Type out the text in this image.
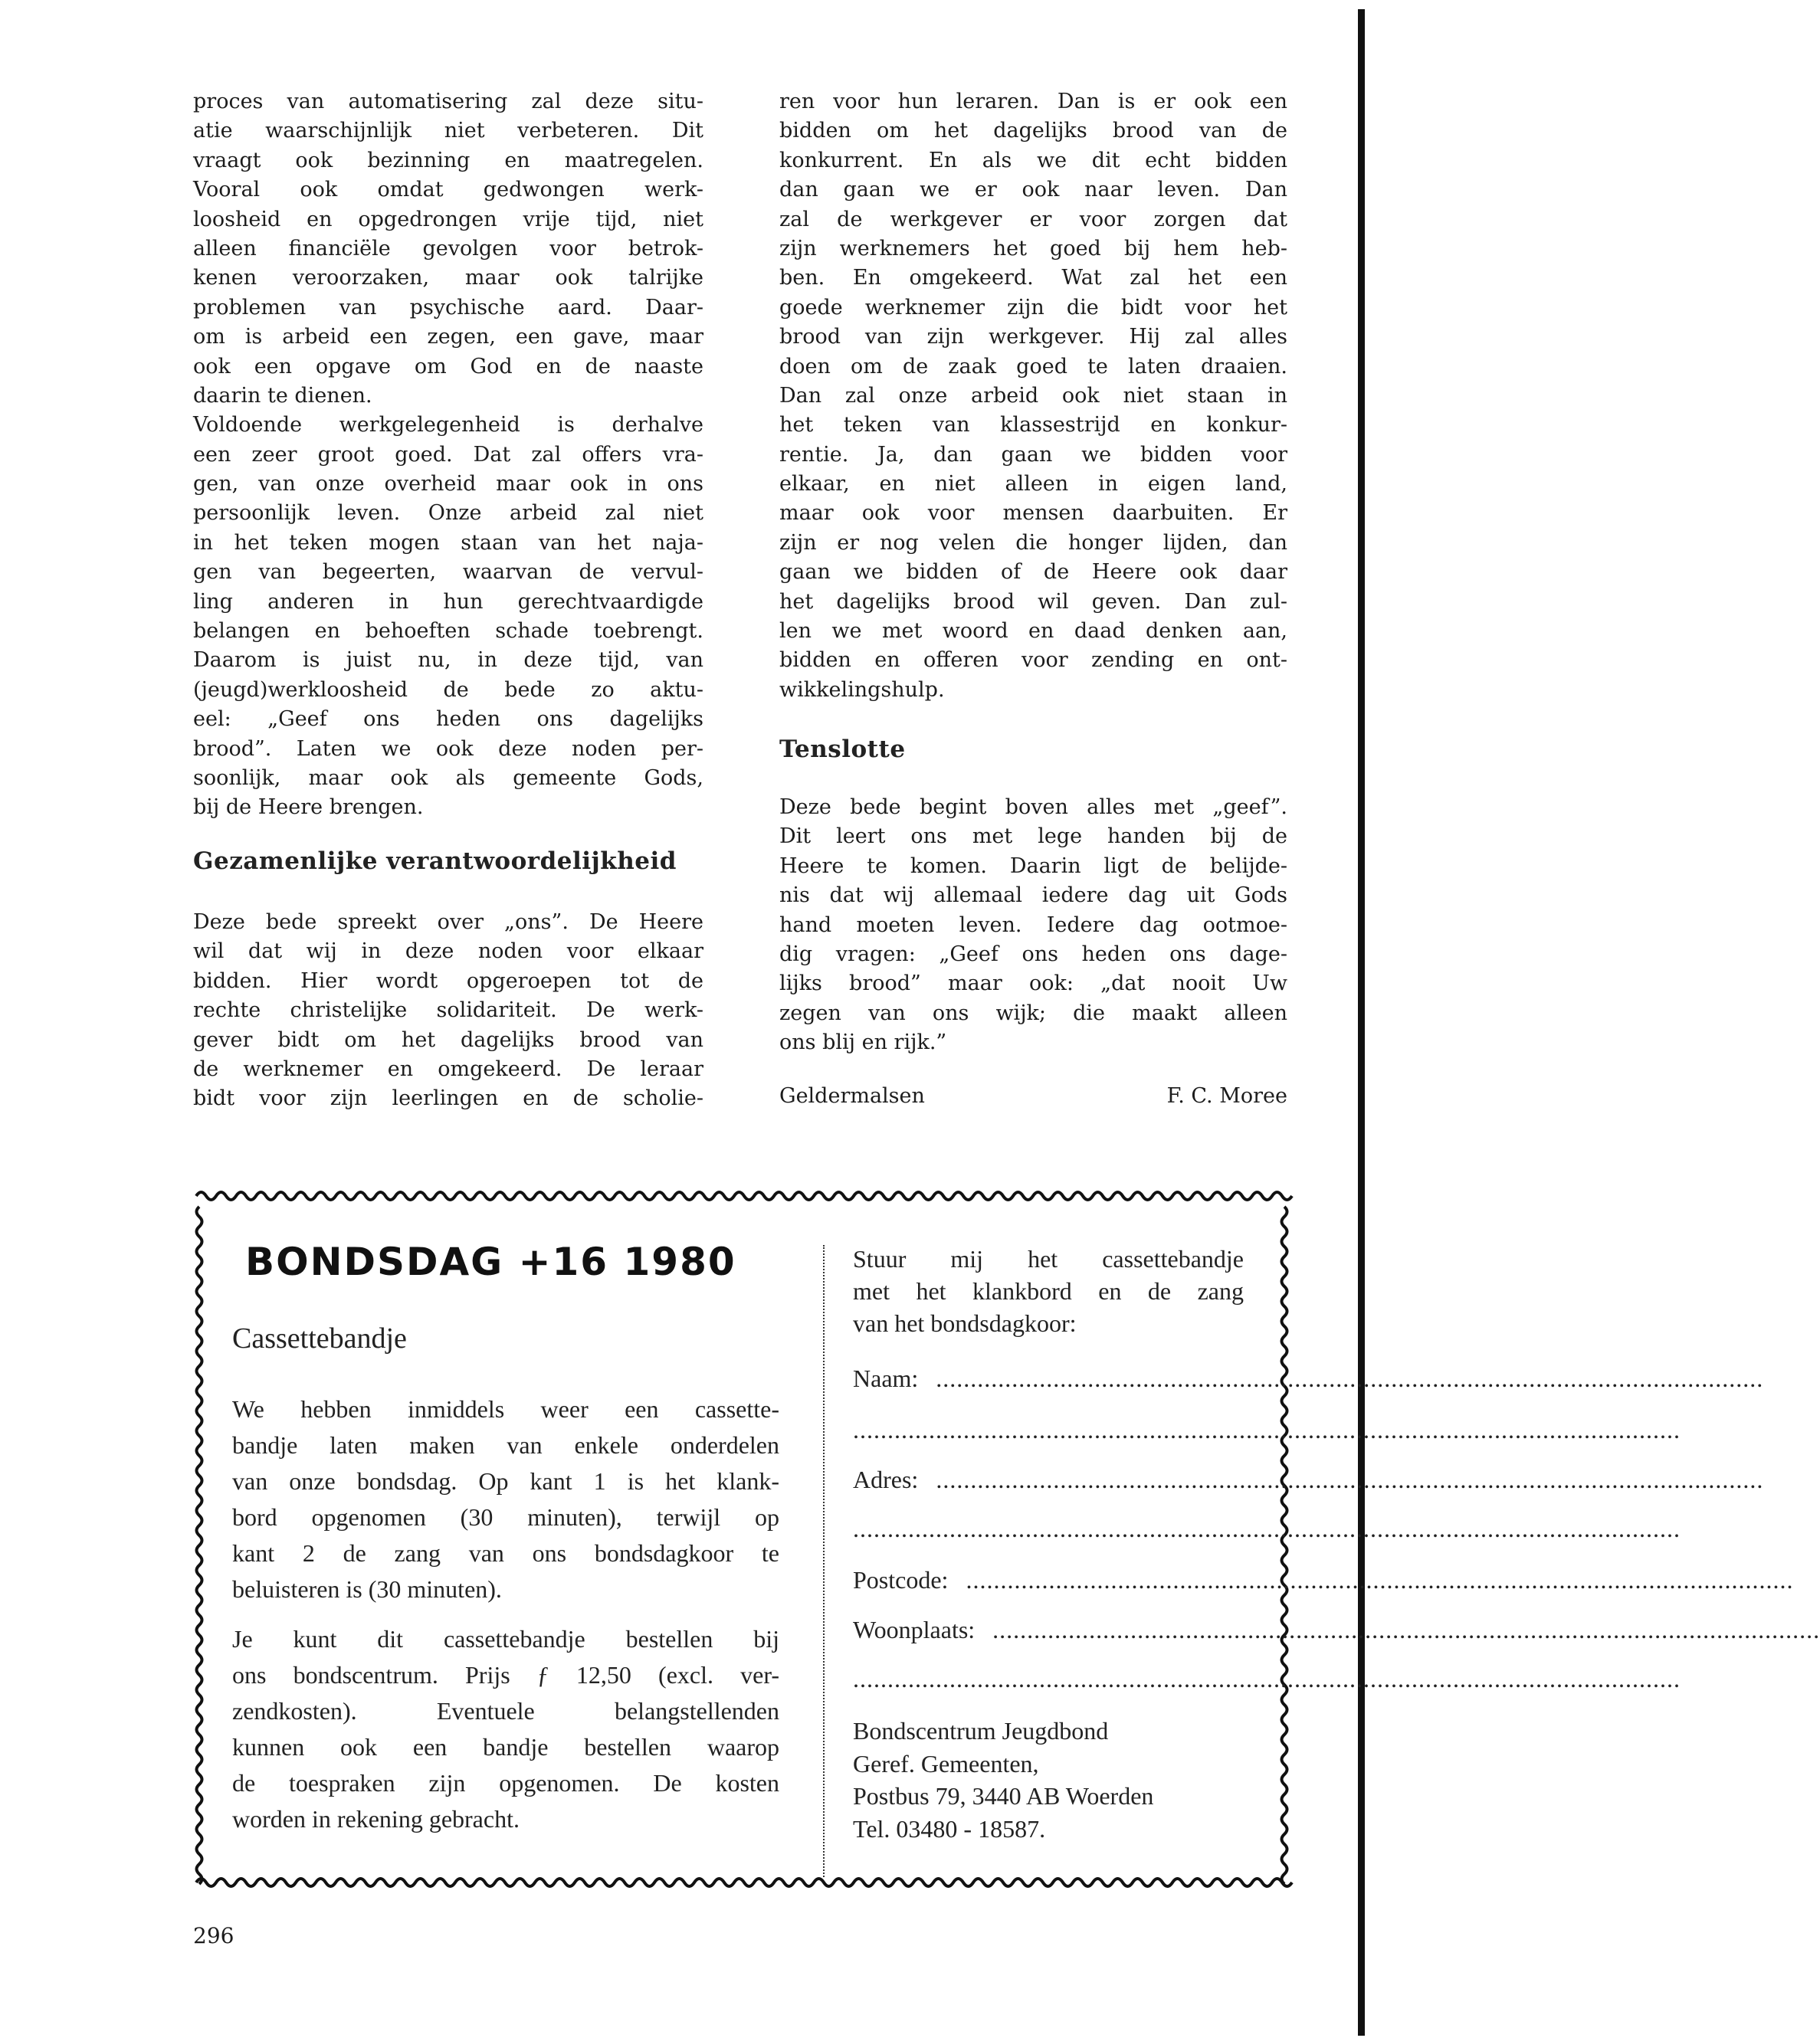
proces van automatisering zal deze situ-
atie waarschijnlijk niet verbeteren. Dit
vraagt ook bezinning en maatregelen.
Vooral ook omdat gedwongen werk-
loosheid en opgedrongen vrije tijd, niet
alleen financiële gevolgen voor betrok-
kenen veroorzaken, maar ook talrijke
problemen van psychische aard. Daar-
om is arbeid een zegen, een gave, maar
ook een opgave om God en de naaste
daarin te dienen.
Voldoende werkgelegenheid is derhalve
een zeer groot goed. Dat zal offers vra-
gen, van onze overheid maar ook in ons
persoonlijk leven. Onze arbeid zal niet
in het teken mogen staan van het naja-
gen van begeerten, waarvan de vervul-
ling anderen in hun gerechtvaardigde
belangen en behoeften schade toebrengt.
Daarom is juist nu, in deze tijd, van
(jeugd)werkloosheid de bede zo aktu-
eel: „Geef ons heden ons dagelijks
brood”. Laten we ook deze noden per-
soonlijk, maar ook als gemeente Gods,
bij de Heere brengen.
Gezamenlijke verantwoordelijkheid
Deze bede spreekt over „ons”. De Heere
wil dat wij in deze noden voor elkaar
bidden. Hier wordt opgeroepen tot de
rechte christelijke solidariteit. De werk-
gever bidt om het dagelijks brood van
de werknemer en omgekeerd. De leraar
bidt voor zijn leerlingen en de scholie-
ren voor hun leraren. Dan is er ook een
bidden om het dagelijks brood van de
konkurrent. En als we dit echt bidden
dan gaan we er ook naar leven. Dan
zal de werkgever er voor zorgen dat
zijn werknemers het goed bij hem heb-
ben. En omgekeerd. Wat zal het een
goede werknemer zijn die bidt voor het
brood van zijn werkgever. Hij zal alles
doen om de zaak goed te laten draaien.
Dan zal onze arbeid ook niet staan in
het teken van klassestrijd en konkur-
rentie. Ja, dan gaan we bidden voor
elkaar, en niet alleen in eigen land,
maar ook voor mensen daarbuiten. Er
zijn er nog velen die honger lijden, dan
gaan we bidden of de Heere ook daar
het dagelijks brood wil geven. Dan zul-
len we met woord en daad denken aan,
bidden en offeren voor zending en ont-
wikkelingshulp.
Tenslotte
Deze bede begint boven alles met „geef”.
Dit leert ons met lege handen bij de
Heere te komen. Daarin ligt de belijde-
nis dat wij allemaal iedere dag uit Gods
hand moeten leven. Iedere dag ootmoe-
dig vragen: „Geef ons heden ons dage-
lijks brood” maar ook: „dat nooit Uw
zegen van ons wijk; die maakt alleen
ons blij en rijk.”
Geldermalsen	F. C. Moree
BONDSDAG +16 1980
Cassettebandje
We hebben inmiddels weer een cassette-
bandje laten maken van enkele onderdelen
van onze bondsdag. Op kant 1 is het klank-
bord opgenomen (30 minuten), terwijl op
kant 2 de zang van ons bondsdagkoor te
beluisteren is (30 minuten).
Je kunt dit cassettebandje bestellen bij
ons bondscentrum. Prijs ƒ 12,50 (excl. ver-
zendkosten). Eventuele belangstellenden
kunnen ook een bandje bestellen waarop
de toespraken zijn opgenomen. De kosten
worden in rekening gebracht.
Stuur mij het cassettebandje
met het klankbord en de zang
van het bondsdagkoor:
Naam: ........................................................................................................................
........................................................................................................................
Adres: ........................................................................................................................
........................................................................................................................
Postcode: ........................................................................................................................
Woonplaats: ........................................................................................................................
........................................................................................................................
Bondscentrum Jeugdbond
Geref. Gemeenten,
Postbus 79, 3440 AB Woerden
Tel. 03480 - 18587.
296
